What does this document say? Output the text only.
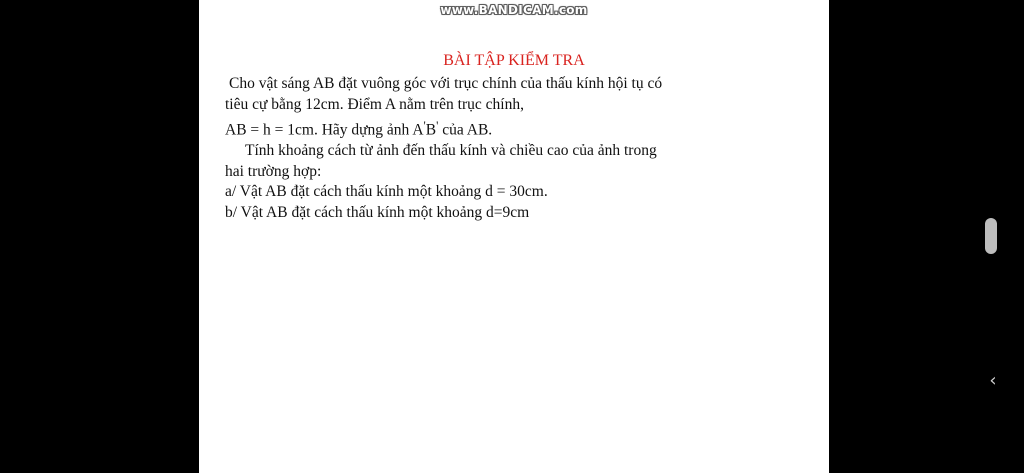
www.BANDICAM.com
BÀI TẬP KIỂM TRA
Cho vật sáng AB đặt vuông góc với trục chính của thấu kính hội tụ có
tiêu cự bằng 12cm. Điểm A nằm trên trục chính,
AB = h = 1cm. Hãy dựng ảnh A'B' của AB.
Tính khoảng cách từ ảnh đến thấu kính và chiều cao của ảnh trong
hai trường hợp:
a/ Vật AB đặt cách thấu kính một khoảng d = 30cm.
b/ Vật AB đặt cách thấu kính một khoảng d=9cm
‹
